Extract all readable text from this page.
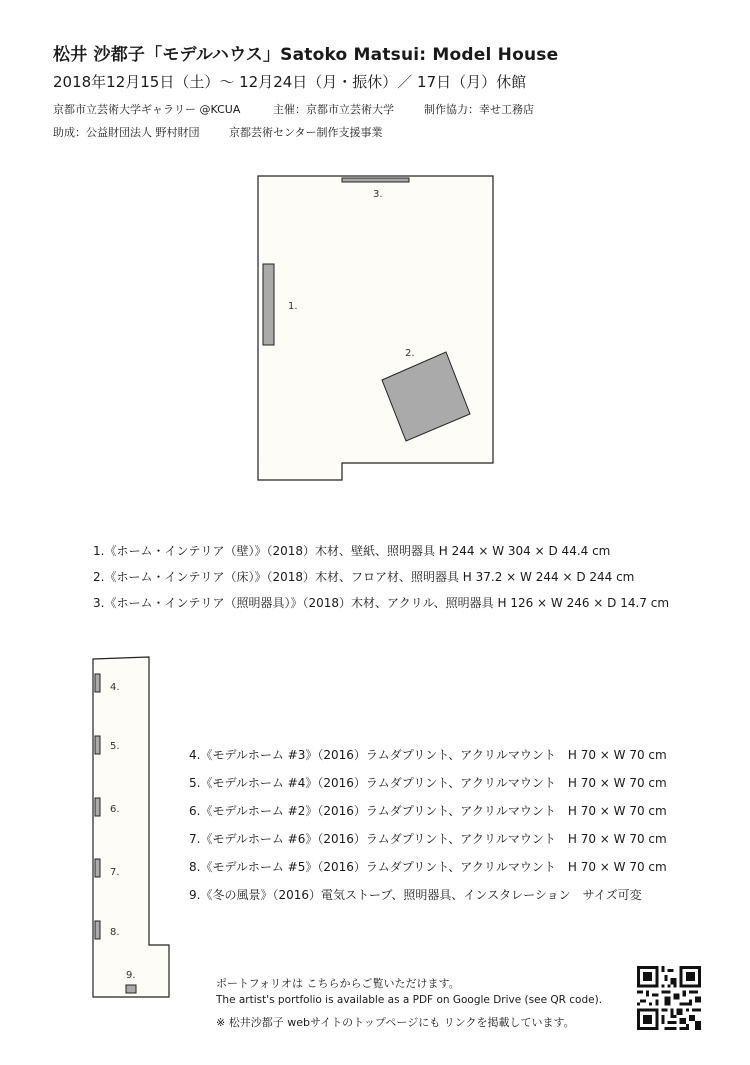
松井 沙都子「モデルハウス」Satoko Matsui: Model House
2018年12月15日（土）～ 12月24日（月・振休）／ 17日（月）休館
京都市立芸術大学ギャラリー @KCUA	主催：京都市立芸術大学	制作協力：幸せ工務店
助成：公益財団法人 野村財団	京都芸術センター制作支援事業
1.
2.
3.
1.《ホーム・インテリア（壁）》（2018）木材、壁紙、照明器具 H 244 × W 304 × D 44.4 cm
2.《ホーム・インテリア（床）》（2018）木材、フロア材、照明器具 H 37.2 × W 244 × D 244 cm
3.《ホーム・インテリア（照明器具）》（2018）木材、アクリル、照明器具 H 126 × W 246 × D 14.7 cm
4.
5.
6.
7.
8.
9.
4.《モデルホーム #3》（2016）ラムダプリント、アクリルマウント　H 70 × W 70 cm
5.《モデルホーム #4》（2016）ラムダプリント、アクリルマウント　H 70 × W 70 cm
6.《モデルホーム #2》（2016）ラムダプリント、アクリルマウント　H 70 × W 70 cm
7.《モデルホーム #6》（2016）ラムダプリント、アクリルマウント　H 70 × W 70 cm
8.《モデルホーム #5》（2016）ラムダプリント、アクリルマウント　H 70 × W 70 cm
9.《冬の風景》（2016）電気ストーブ、照明器具、インスタレーション　サイズ可変
ポートフォリオは こちらからご覧いただけます。
The artist's portfolio is available as a PDF on Google Drive (see QR code).
※ 松井沙都子 webサイトのトップページにも リンクを掲載しています。
